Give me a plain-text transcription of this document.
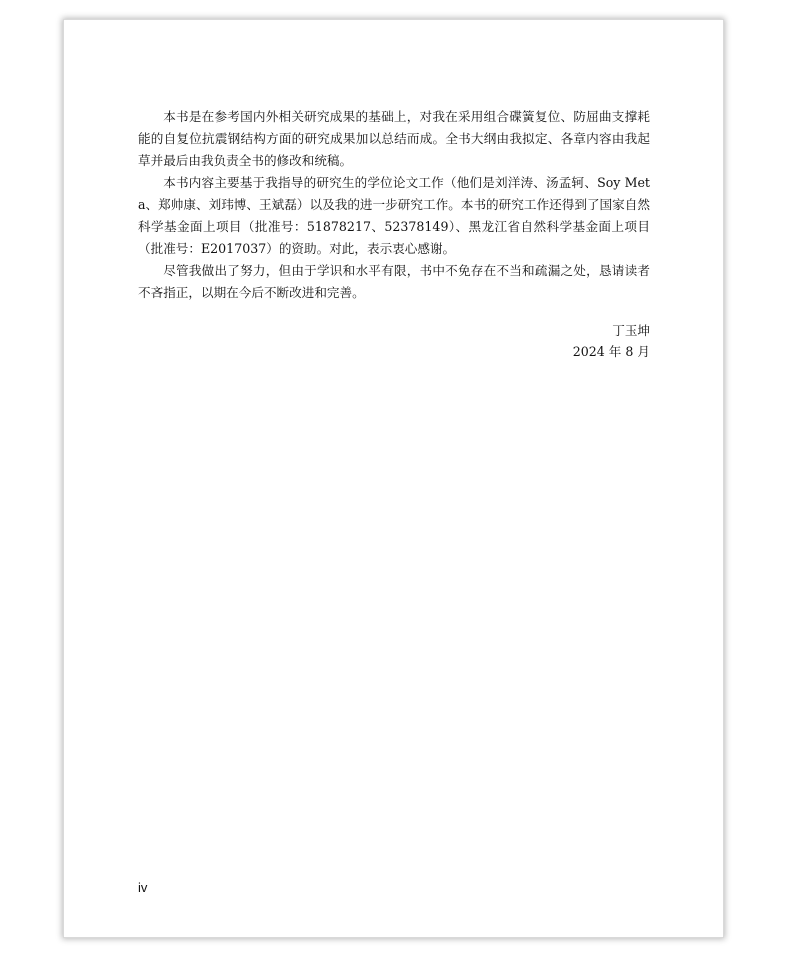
本书是在参考国内外相关研究成果的基础上，对我在采用组合碟簧复位、防屈曲支撑耗能的自复位抗震钢结构方面的研究成果加以总结而成。全书大纲由我拟定、各章内容由我起草并最后由我负责全书的修改和统稿。

本书内容主要基于我指导的研究生的学位论文工作（他们是刘洋涛、汤孟轲、Soy Meta、郑帅康、刘玮博、王斌磊）以及我的进一步研究工作。本书的研究工作还得到了国家自然科学基金面上项目（批准号：51878217、52378149）、黑龙江省自然科学基金面上项目（批准号：E2017037）的资助。对此，表示衷心感谢。

尽管我做出了努力，但由于学识和水平有限，书中不免存在不当和疏漏之处，恳请读者不吝指正，以期在今后不断改进和完善。

丁玉坤
2024 年 8 月
iv
